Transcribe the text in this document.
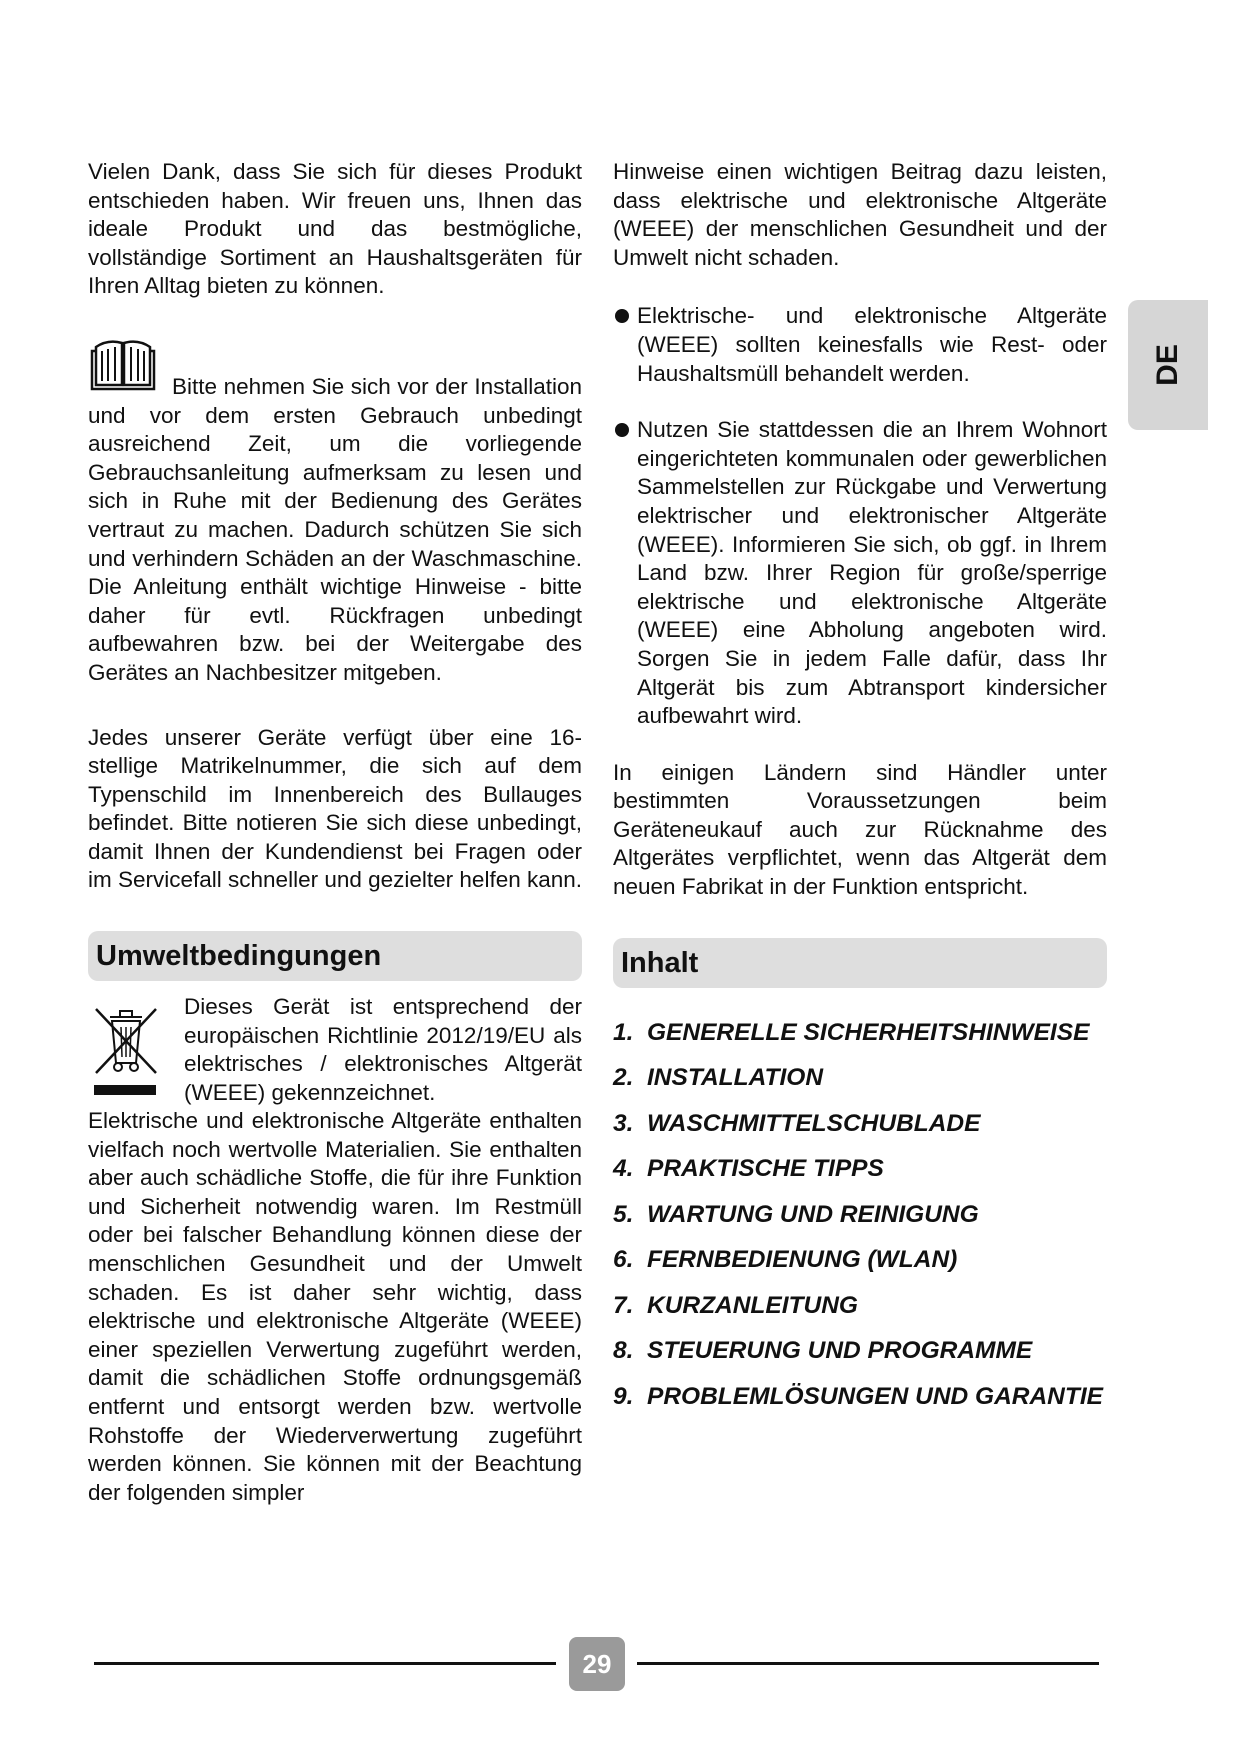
Vielen Dank, dass Sie sich für dieses Produkt entschieden haben. Wir freuen uns, Ihnen das ideale Produkt und das bestmögliche, vollständige Sortiment an Haushaltsgeräten für Ihren Alltag bieten zu können.

Bitte nehmen Sie sich vor der Installation und vor dem ersten Gebrauch unbedingt ausreichend Zeit, um die vorliegende Gebrauchsanleitung aufmerksam zu lesen und sich in Ruhe mit der Bedienung des Gerätes vertraut zu machen. Dadurch schützen Sie sich und verhindern Schäden an der Waschmaschine. Die Anleitung enthält wichtige Hinweise - bitte daher für evtl. Rückfragen unbedingt aufbewahren bzw. bei der Weitergabe des Gerätes an Nachbesitzer mitgeben.

Jedes unserer Geräte verfügt über eine 16-stellige Matrikelnummer, die sich auf dem Typenschild im Innenbereich des Bullauges befindet. Bitte notieren Sie sich diese unbedingt, damit Ihnen der Kundendienst bei Fragen oder im Servicefall schneller und gezielter helfen kann.

Umweltbedingungen

Dieses Gerät ist entsprechend der europäischen Richtlinie 2012/19/EU als elektrisches / elektronisches Altgerät (WEEE) gekennzeichnet.

Elektrische und elektronische Altgeräte enthalten vielfach noch wertvolle Materialien. Sie enthalten aber auch schädliche Stoffe, die für ihre Funktion und Sicherheit notwendig waren. Im Restmüll oder bei falscher Behandlung können diese der menschlichen Gesundheit und der Umwelt schaden. Es ist daher sehr wichtig, dass elektrische und elektronische Altgeräte (WEEE) einer speziellen Verwertung zugeführt werden, damit die schädlichen Stoffe ordnungsgemäß entfernt und entsorgt werden bzw. wertvolle Rohstoffe der Wiederverwertung zugeführt werden können. Sie können mit der Beachtung der folgenden simpler

Hinweise einen wichtigen Beitrag dazu leisten, dass elektrische und elektronische Altgeräte (WEEE) der menschlichen Gesundheit und der Umwelt nicht schaden.

Elektrische- und elektronische Altgeräte (WEEE) sollten keinesfalls wie Rest- oder Haushaltsmüll behandelt werden.
Nutzen Sie stattdessen die an Ihrem Wohnort eingerichteten kommunalen oder gewerblichen Sammelstellen zur Rückgabe und Verwertung elektrischer und elektronischer Altgeräte (WEEE). Informieren Sie sich, ob ggf. in Ihrem Land bzw. Ihrer Region für große/sperrige elektrische und elektronische Altgeräte (WEEE) eine Abholung angeboten wird. Sorgen Sie in jedem Falle dafür, dass Ihr Altgerät bis zum Abtransport kindersicher aufbewahrt wird.

In einigen Ländern sind Händler unter bestimmten Voraussetzungen beim Geräteneukauf auch zur Rücknahme des Altgerätes verpflichtet, wenn das Altgerät dem neuen Fabrikat in der Funktion entspricht.

Inhalt
1. GENERELLE SICHERHEITSHINWEISE
2. INSTALLATION
3. WASCHMITTELSCHUBLADE
4. PRAKTISCHE TIPPS
5. WARTUNG UND REINIGUNG
6. FERNBEDIENUNG (WLAN)
7. KURZANLEITUNG
8. STEUERUNG UND PROGRAMME
9. PROBLEMLÖSUNGEN UND GARANTIE
DE
29
